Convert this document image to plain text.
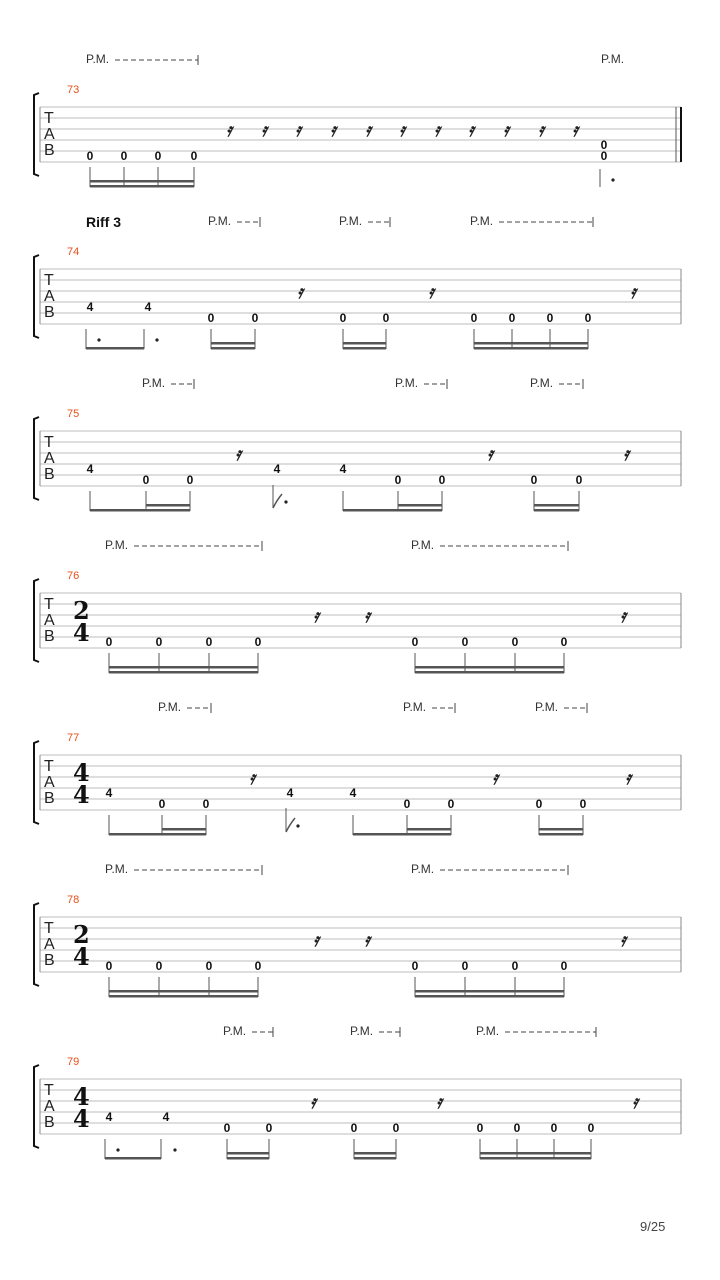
T
A
B
73
P.M.	P.M.
𝄿 𝄿 𝄿 𝄿 𝄿 𝄿 𝄿 𝄿 𝄿 𝄿 𝄿
0 0 0 0
0
0
T
A
B
74
Riff 3	P.M.	P.M.	P.M.
𝄿	𝄿	𝄿
4	4
0	0	0	0	0	0	0	0
T
A
B
75
P.M.	P.M.	P.M.
𝄿	𝄿	𝄿
4
0	0
4	4
0	0	0	0
T
A
B
76
2
4
P.M.	P.M.
𝄿	𝄿	𝄿
0	0	0	0	0	0	0	0
T
A
B
77
4
4
P.M.	P.M.	P.M.
𝄿	𝄿	𝄿
4
0	0
4	4
0	0	0	0
T
A
B
78
2
4
P.M.	P.M.
𝄿	𝄿	𝄿
0	0	0	0	0	0	0	0
T
A
B
79
4
4
P.M.	P.M.	P.M.
𝄿	𝄿	𝄿
4	4
0	0	0	0	0	0	0	0
9/25
